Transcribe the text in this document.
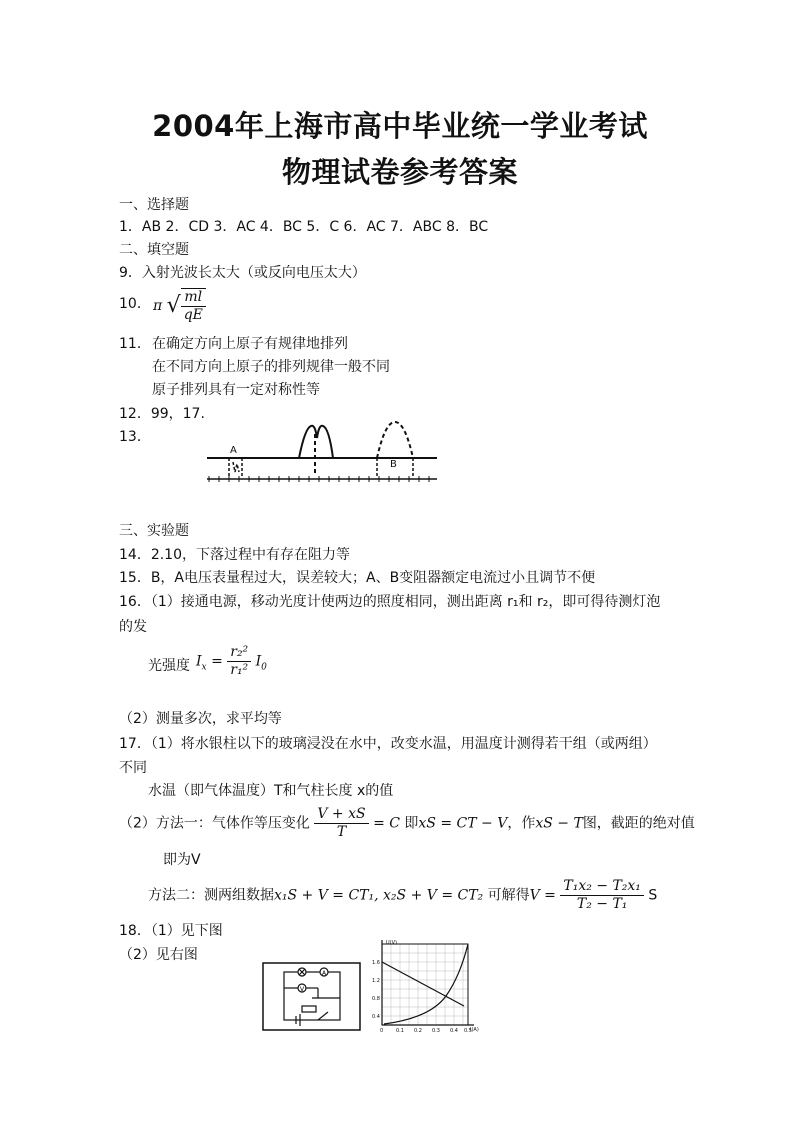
2004年上海市高中毕业统一学业考试
物理试卷参考答案
一、选择题
1．AB 2．CD 3．AC 4．BC 5．C 6．AC 7．ABC 8．BC
二、填空题
9．入射光波长太大（或反向电压太大）
10． π √ $\frac{ml}{qE}$
11． 在确定方向上原子有规律地排列
在不同方向上原子的排列规律一般不同
原子排列具有一定对称性等
12．99，17.
13．
A
B
三、实验题
14．2.10，下落过程中有存在阻力等
15．B，A电压表量程过大，误差较大；A、B变阻器额定电流过小且调节不便
16．（1）接通电源，移动光度计使两边的照度相同，测出距离 r₁和 r₂，即可得待测灯泡
的发
光强度 $I_x = \frac{\text{r₂²}}{\text{r₁²}} I_0$
（2）测量多次，求平均等
17．（1）将水银柱以下的玻璃浸没在水中，改变水温，用温度计测得若干组（或两组）
不同
水温（即气体温度）T和气柱长度 x的值
（2）方法一：气体作等压变化 $\frac{V + xS}{T} = C$ 即xS = CT − V，作xS − T图，截距的绝对值
即为V
方法二：测两组数据x₁S + V = CT₁, x₂S + V = CT₂ 可解得$V = \frac{\text{T₁x₂ − T₂x₁}}{\text{T₂ − T₁}}$ S
18．（1）见下图
（2）见右图
A
V
U(V)
I(A)
1.6
1.2
0.8
0.4
0	0.1 0.2 0.3 0.4 0.5
